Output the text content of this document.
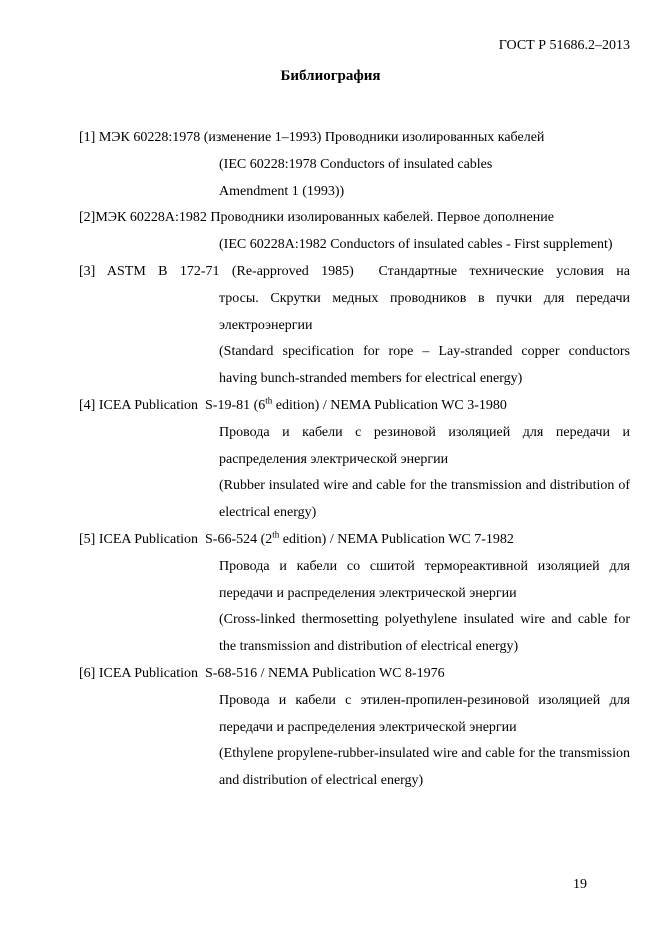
ГОСТ Р 51686.2–2013
Библиография
[1] МЭК 60228:1978 (изменение 1–1993) Проводники изолированных кабелей

(IEC 60228:1978 Conductors of insulated cables

Amendment 1 (1993))

[2]МЭК 60228А:1982 Проводники изолированных кабелей. Первое дополнение

(IEC 60228A:1982 Conductors of insulated cables - First supplement)

[3] ASTM B 172-71 (Re-approved 1985) Стандартные технические условия на

тросы. Скрутки медных проводников в пучки для передачи электроэнергии

(Standard specification for rope – Lay-stranded copper conductors having bunch-stranded members for electrical energy)

[4] ICEA Publication S-19-81 (6th edition) / NEMA Publication WC 3-1980

Провода и кабели с резиновой изоляцией для передачи и распределения электрической энергии

(Rubber insulated wire and cable for the transmission and distribution of electrical energy)

[5] ICEA Publication S-66-524 (2th edition) / NEMA Publication WC 7-1982

Провода и кабели со сшитой термореактивной изоляцией для передачи и распределения электрической энергии

(Cross-linked thermosetting polyethylene insulated wire and cable for the transmission and distribution of electrical energy)

[6] ICEA Publication S-68-516 / NEMA Publication WC 8-1976

Провода и кабели с этилен-пропилен-резиновой изоляцией для передачи и распределения электрической энергии

(Ethylene propylene-rubber-insulated wire and cable for the transmission and distribution of electrical energy)

19
